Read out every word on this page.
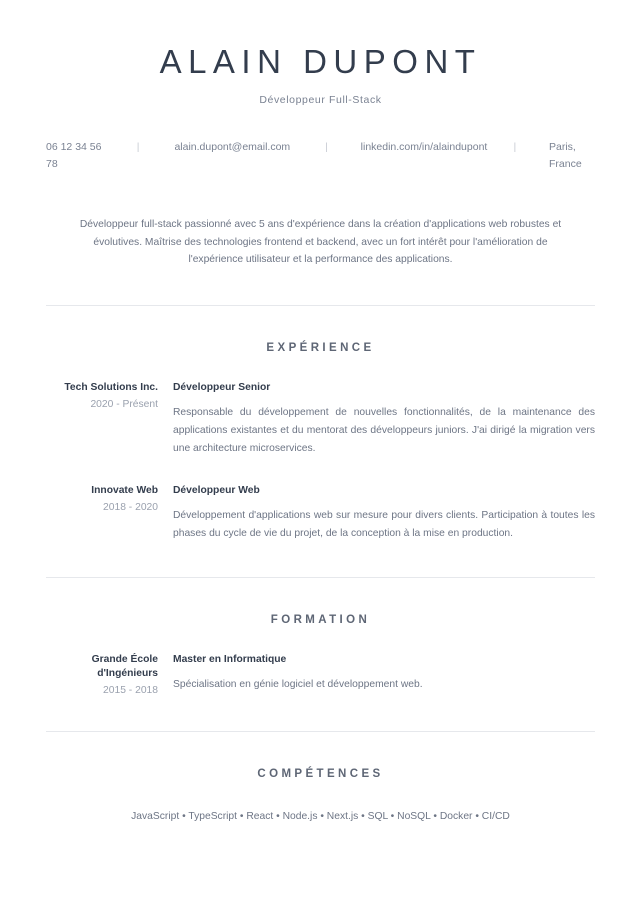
ALAIN DUPONT
Développeur Full-Stack
06 12 34 56 78
|	alain.dupont@email.com	|	linkedin.com/in/alaindupont |	Paris, France
Développeur full-stack passionné avec 5 ans d'expérience dans la création d'applications web robustes et évolutives. Maîtrise des technologies frontend et backend, avec un fort intérêt pour l'amélioration de l'expérience utilisateur et la performance des applications.
EXPÉRIENCE
Tech Solutions Inc.
2020 - Présent
Développeur Senior
Responsable du développement de nouvelles fonctionnalités, de la maintenance des applications existantes et du mentorat des développeurs juniors. J'ai dirigé la migration vers une architecture microservices.
Innovate Web
2018 - 2020
Développeur Web
Développement d'applications web sur mesure pour divers clients. Participation à toutes les phases du cycle de vie du projet, de la conception à la mise en production.
FORMATION
Grande École d'Ingénieurs
2015 - 2018
Master en Informatique
Spécialisation en génie logiciel et développement web.
COMPÉTENCES
JavaScript • TypeScript • React • Node.js • Next.js • SQL • NoSQL • Docker • CI/CD
